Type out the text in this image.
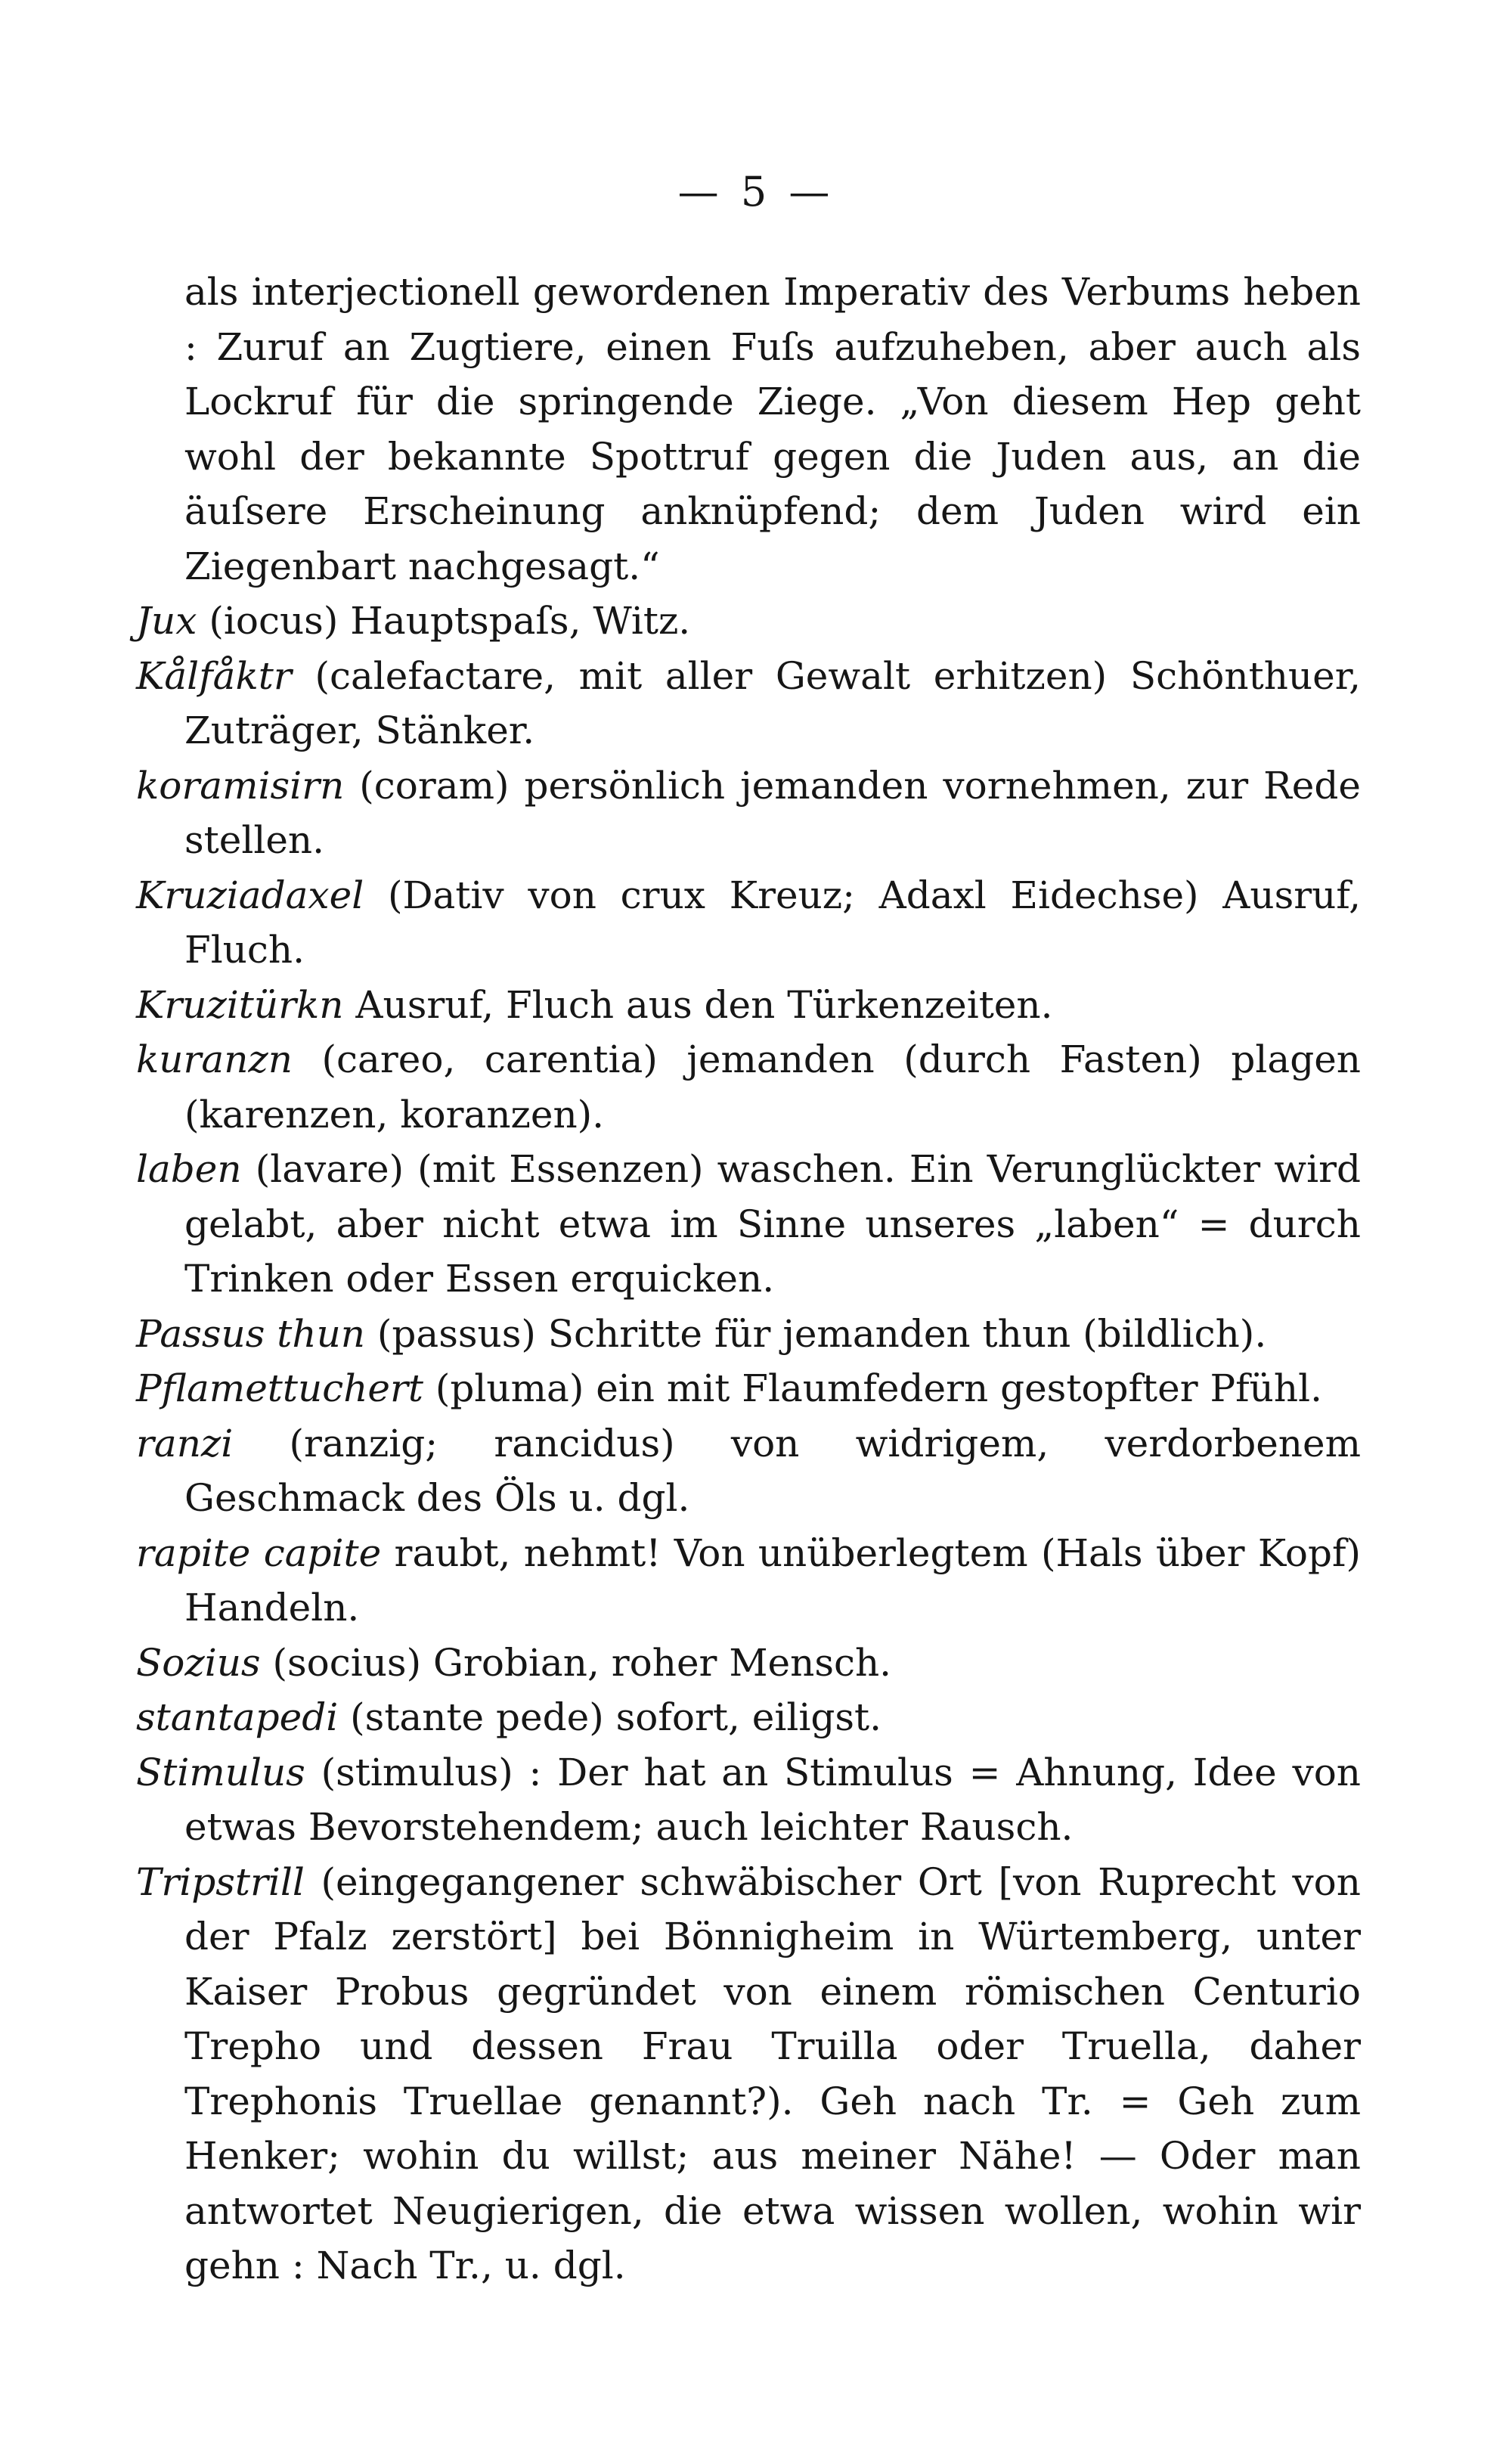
— 5 —

als interjectionell gewordenen Imperativ des Verbums heben : Zuruf an Zugtiere, einen Fuſs aufzuheben, aber auch als Lockruf für die springende Ziege. „Von diesem Hep geht wohl der bekannte Spottruf gegen die Juden aus, an die äuſsere Erscheinung anknüpfend; dem Juden wird ein Ziegenbart nachgesagt.“

Jux (iocus) Hauptspaſs, Witz.

Kålfåktr (calefactare, mit aller Gewalt erhitzen) Schönthuer, Zuträger, Stänker.

koramisirn (coram) persönlich jemanden vornehmen, zur Rede stellen.

Kruziadaxel (Dativ von crux Kreuz; Adaxl Eidechse) Ausruf, Fluch.

Kruzitürkn Ausruf, Fluch aus den Türkenzeiten.

kuranzn (careo, carentia) jemanden (durch Fasten) plagen (karenzen, koranzen).

laben (lavare) (mit Essenzen) waschen. Ein Verunglückter wird gelabt, aber nicht etwa im Sinne unseres „laben“ = durch Trinken oder Essen erquicken.

Passus thun (passus) Schritte für jemanden thun (bildlich).

Pflamettuchert (pluma) ein mit Flaumfedern gestopfter Pfühl.

ranzi (ranzig; rancidus) von widrigem, verdorbenem Geschmack des Öls u. dgl.

rapite capite raubt, nehmt! Von unüberlegtem (Hals über Kopf) Handeln.

Sozius (socius) Grobian, roher Mensch.

stantapedi (stante pede) sofort, eiligst.

Stimulus (stimulus) : Der hat an Stimulus = Ahnung, Idee von etwas Bevorstehendem; auch leichter Rausch.

Tripstrill (eingegangener schwäbischer Ort [von Ruprecht von der Pfalz zerstört] bei Bönnigheim in Würtemberg, unter Kaiser Probus gegründet von einem römischen Centurio Trepho und dessen Frau Truilla oder Truella, daher Trephonis Truellae genannt?). Geh nach Tr. = Geh zum Henker; wohin du willst; aus meiner Nähe! — Oder man antwortet Neugierigen, die etwa wissen wollen, wohin wir gehn : Nach Tr., u. dgl.
